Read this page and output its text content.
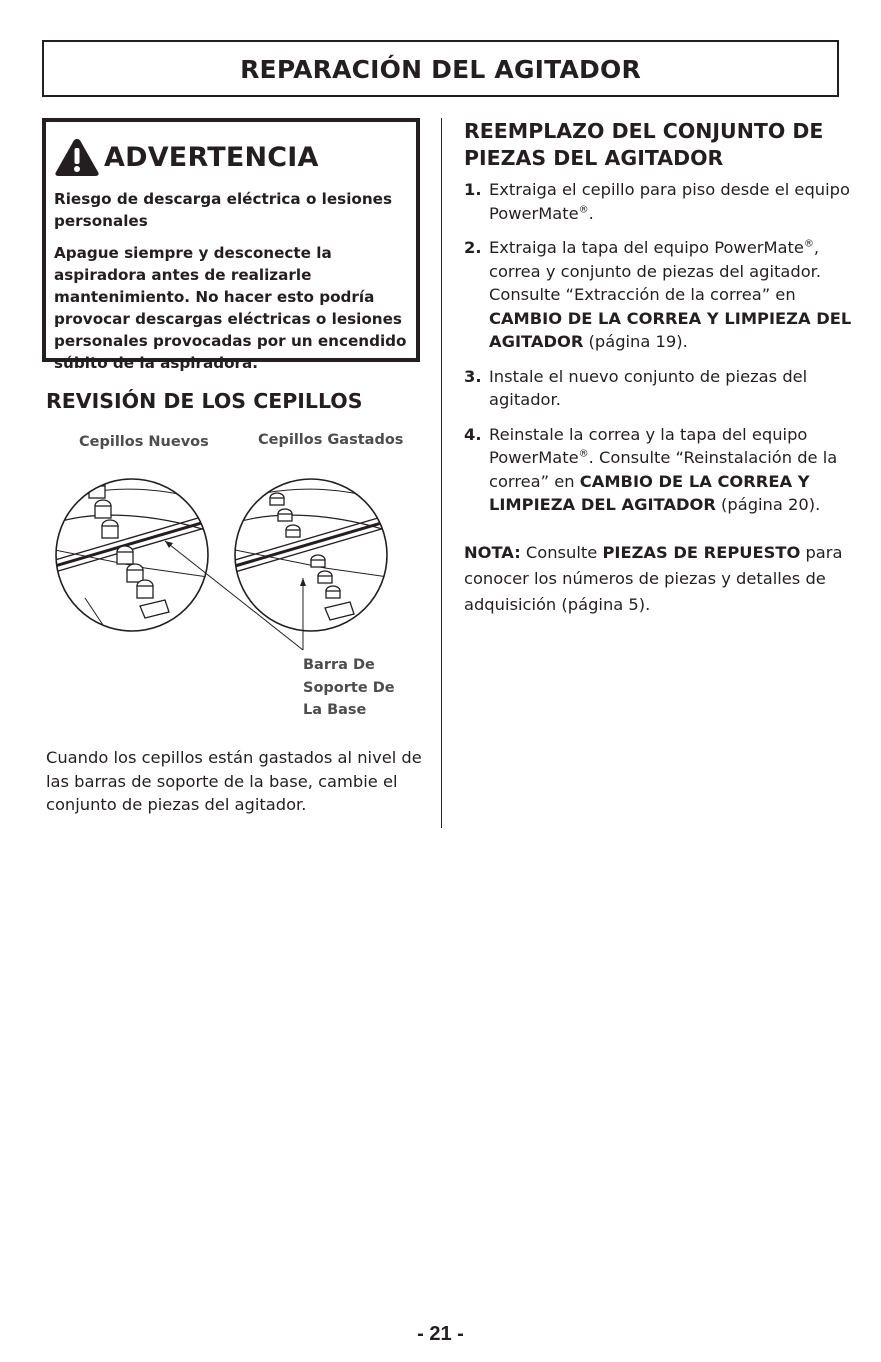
REPARACIÓN DEL AGITADOR
ADVERTENCIA

Riesgo de descarga eléctrica o lesiones personales

Apague siempre y desconecte la aspiradora antes de realizarle mantenimiento. No hacer esto podría provocar descargas eléctricas o lesiones personales provocadas por un encendido súbito de la aspiradora.

REVISIÓN DE LOS CEPILLOS
Cepillos Nuevos	Cepillos Gastados
Barra De
Soporte De
La Base

Cuando los cepillos están gastados al nivel de las barras de soporte de la base, cambie el conjunto de piezas del agitador.

REEMPLAZO DEL CONJUNTO DE
PIEZAS DEL AGITADOR
1. Extraiga el cepillo para piso desde el equipo PowerMate®.
2. Extraiga la tapa del equipo PowerMate®, correa y conjunto de piezas del agitador. Consulte “Extracción de la correa” en CAMBIO DE LA CORREA Y LIMPIEZA DEL AGITADOR (página 19).
3. Instale el nuevo conjunto de piezas del agitador.
4. Reinstale la correa y la tapa del equipo PowerMate®. Consulte “Reinstalación de la correa” en CAMBIO DE LA CORREA Y LIMPIEZA DEL AGITADOR (página 20).

NOTA: Consulte PIEZAS DE REPUESTO para conocer los números de piezas y detalles de adquisición (página 5).

- 21 -
